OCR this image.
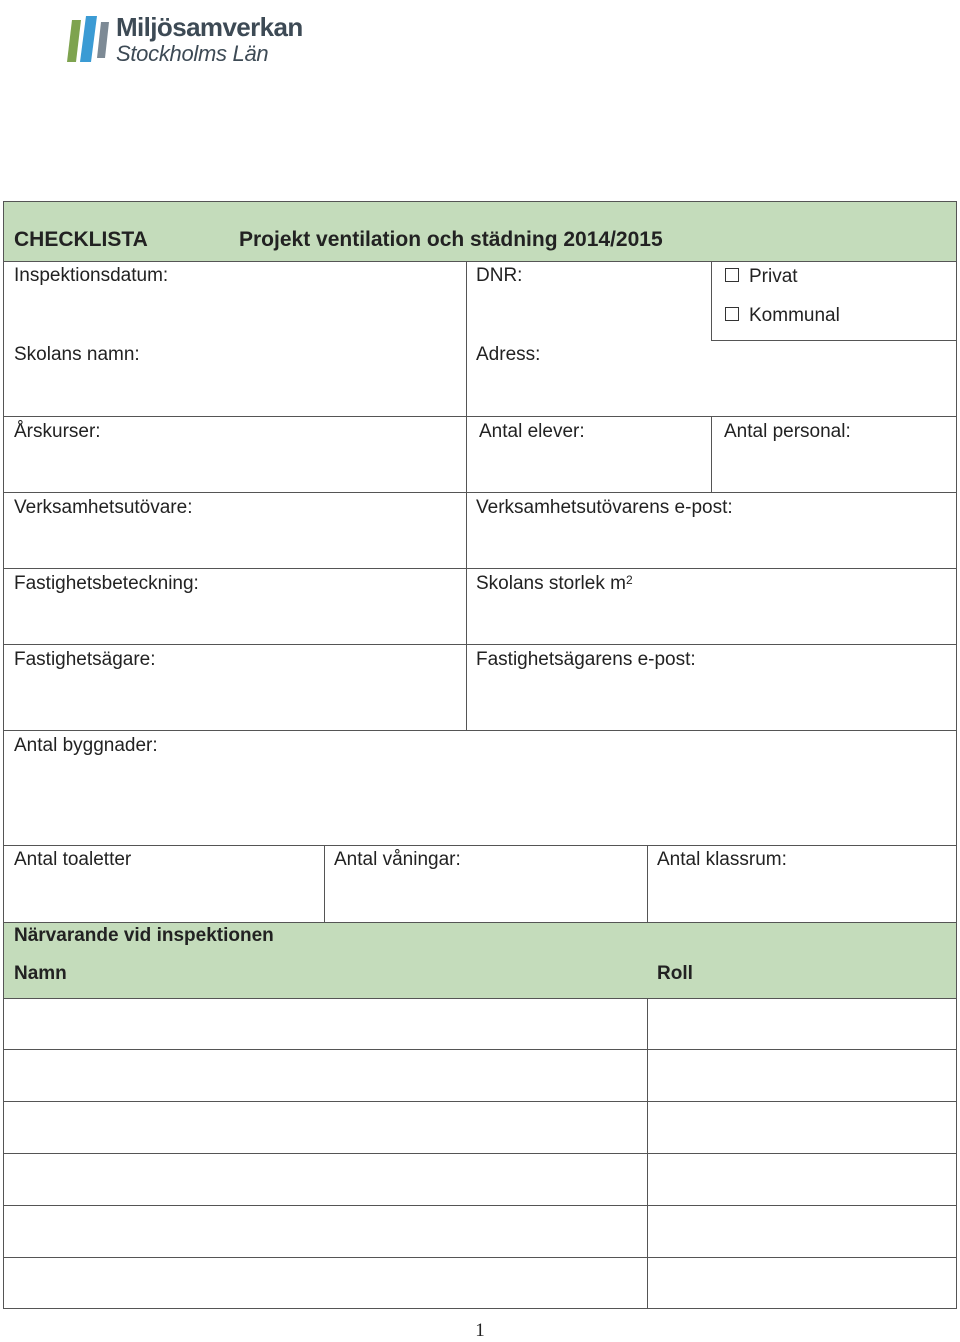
Miljösamverkan
Stockholms Län
CHECKLISTA	Projekt ventilation och städning 2014/2015
Inspektionsdatum:	DNR:	Privat
Kommunal
Skolans namn:	Adress:
Årskurser:	Antal elever:	Antal personal:
Verksamhetsutövare:	Verksamhetsutövarens e-post:
Fastighetsbeteckning:	Skolans storlek $m^2$
Fastighetsägare:	Fastighetsägarens e-post:
Antal byggnader:
Antal toaletter	Antal våningar:	Antal klassrum:
Närvarande vid inspektionen
Namn	Roll
1
